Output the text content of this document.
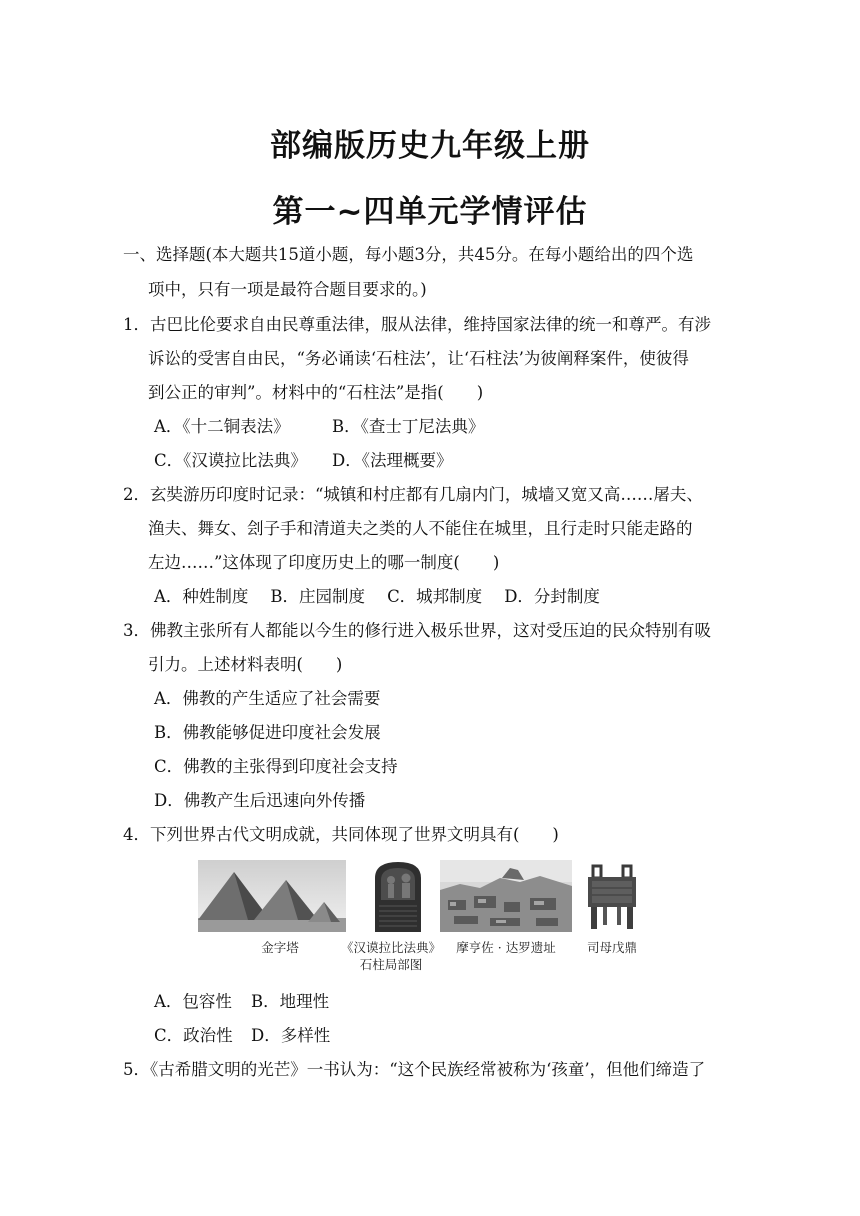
部编版历史九年级上册
第一~四单元学情评估
一、选择题(本大题共15道小题，每小题3分，共45分。在每小题给出的四个选
项中，只有一项是最符合题目要求的。)
1．古巴比伦要求自由民尊重法律，服从法律，维持国家法律的统一和尊严。有涉
诉讼的受害自由民，“务必诵读‘石柱法’，让‘石柱法’为彼阐释案件，使彼得
到公正的审判”。材料中的“石柱法”是指(　　)
A．《十二铜表法》	B．《查士丁尼法典》
C．《汉谟拉比法典》 D．《法理概要》
2．玄奘游历印度时记录：“城镇和村庄都有几扇内门，城墙又宽又高……屠夫、
渔夫、舞女、刽子手和清道夫之类的人不能住在城里，且行走时只能走路的
左边……”这体现了印度历史上的哪一制度(　　)
A．种姓制度 B．庄园制度 C．城邦制度 D．分封制度
3．佛教主张所有人都能以今生的修行进入极乐世界，这对受压迫的民众特别有吸
引力。上述材料表明(　　)
A．佛教的产生适应了社会需要
B．佛教能够促进印度社会发展
C．佛教的主张得到印度社会支持
D．佛教产生后迅速向外传播
4．下列世界古代文明成就，共同体现了世界文明具有(　　)
金字塔	《汉谟拉比法典》
石柱局部图
摩亨佐 · 达罗遗址	司母戊鼎
A．包容性 B．地理性
C．政治性 D．多样性
5．《古希腊文明的光芒》一书认为：“这个民族经常被称为‘孩童’，但他们缔造了
